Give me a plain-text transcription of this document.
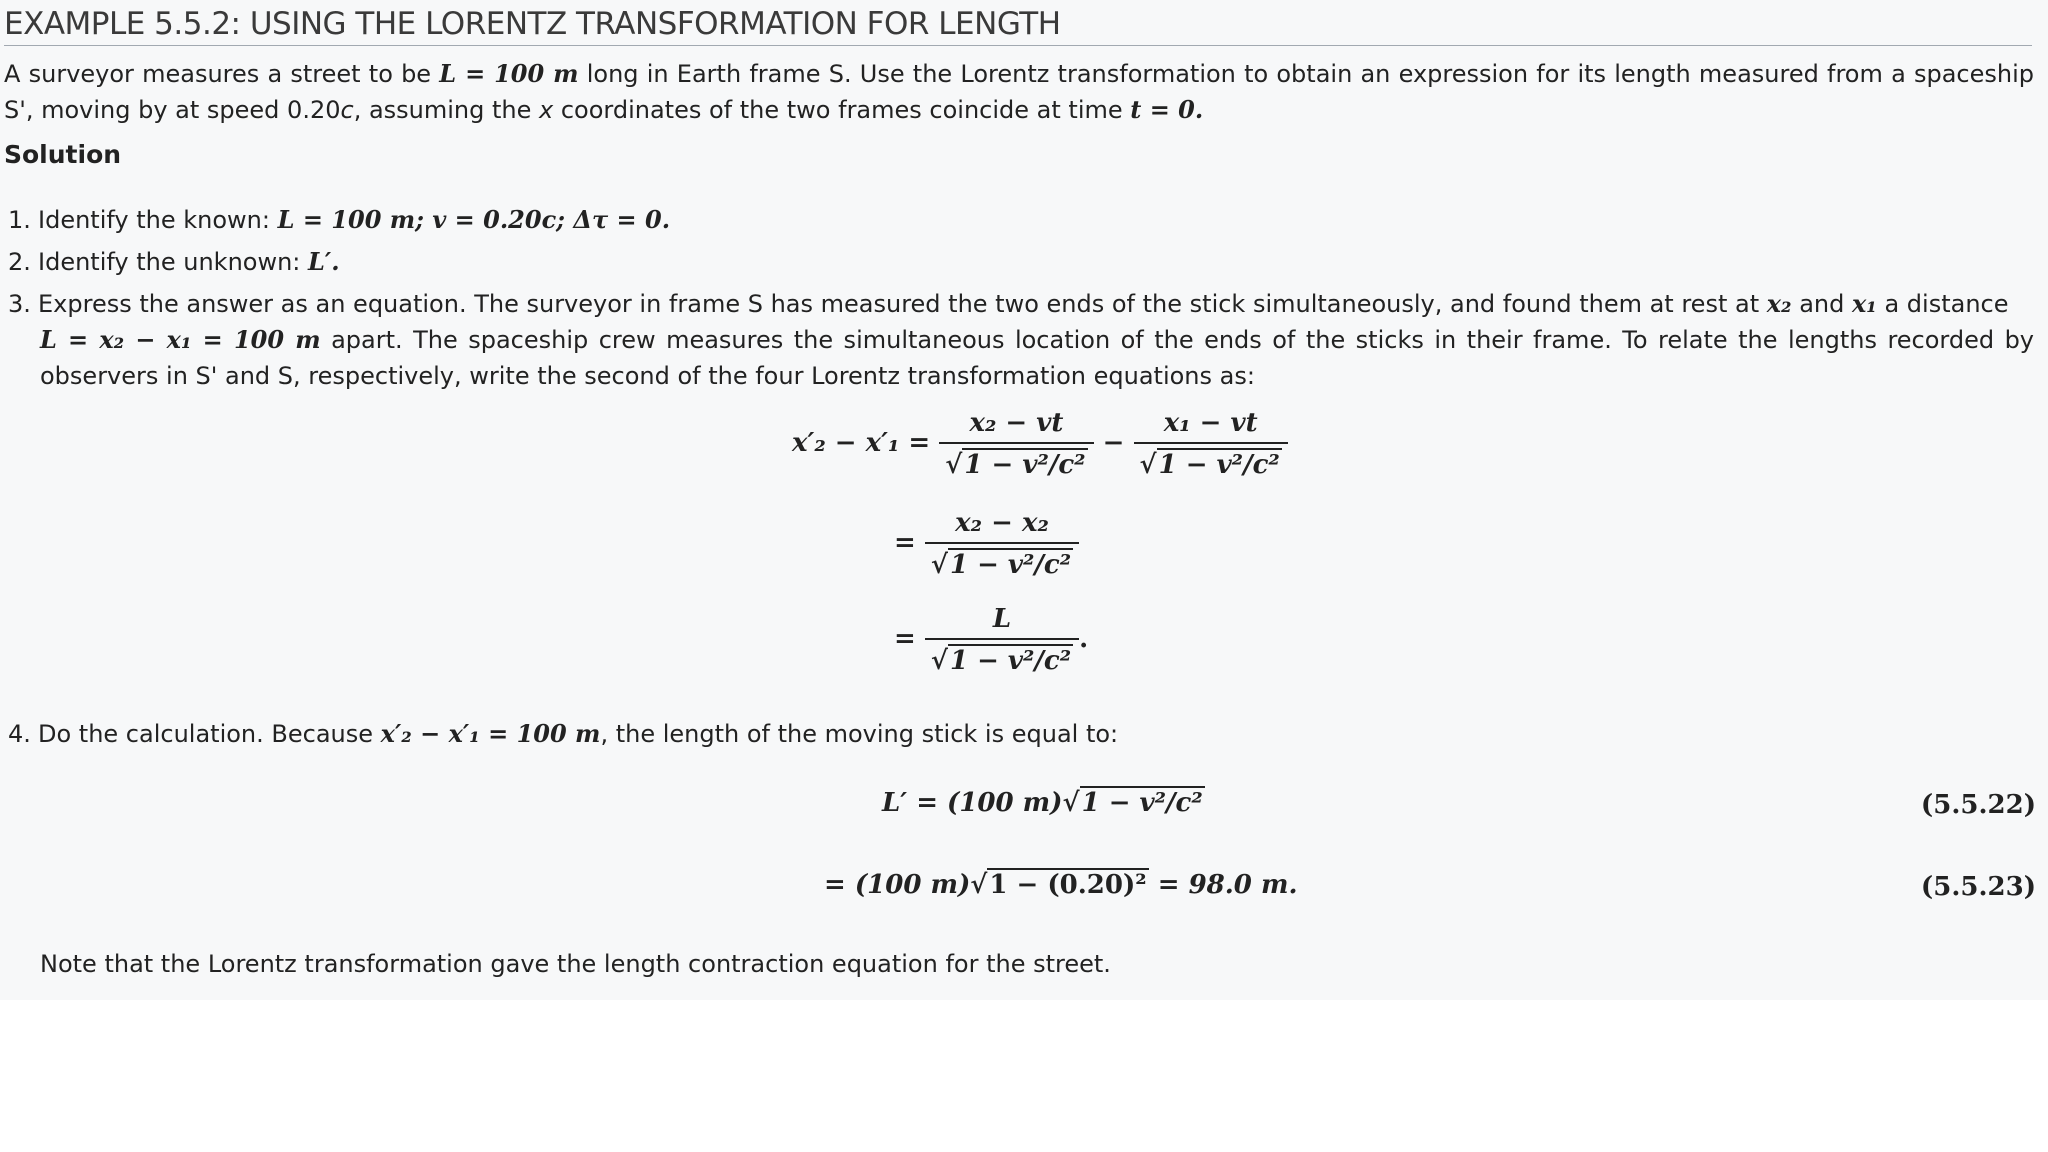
EXAMPLE 5.5.2: USING THE LORENTZ TRANSFORMATION FOR LENGTH
A surveyor measures a street to be L = 100 m long in Earth frame S. Use the Lorentz transformation to obtain an expression for its length measured from a spaceship S', moving by at speed 0.20c, assuming the x coordinates of the two frames coincide at time t = 0.
Solution
1. Identify the known: L = 100 m; v = 0.20c; Δτ = 0.
2. Identify the unknown: L′.
3. Express the answer as an equation. The surveyor in frame S has measured the two ends of the stick simultaneously, and found them at rest at x₂ and x₁ a distance
L = x₂ − x₁ = 100 m apart. The spaceship crew measures the simultaneous location of the ends of the sticks in their frame. To relate the lengths recorded by observers in S' and S, respectively, write the second of the four Lorentz transformation equations as:
$x'_2 - x'_1 = \frac{\text{x₂ − vt}}{\text{√1 − v²/c²}} - \frac{\text{x₁ − vt}}{\text{√1 − v²/c²}}$
= $\frac{\text{x₂ − x₂}}{\text{√1 − v²/c²}}$
= $\frac{L}{\text{√1 − v²/c²}}$ .
4. Do the calculation. Because x′₂ − x′₁ = 100 m, the length of the moving stick is equal to:
L′ = (100 m)√1 − v²/c²	(5.5.22)
= (100 m)√1 − (0.20)² = 98.0 m.	(5.5.23)
Note that the Lorentz transformation gave the length contraction equation for the street.
